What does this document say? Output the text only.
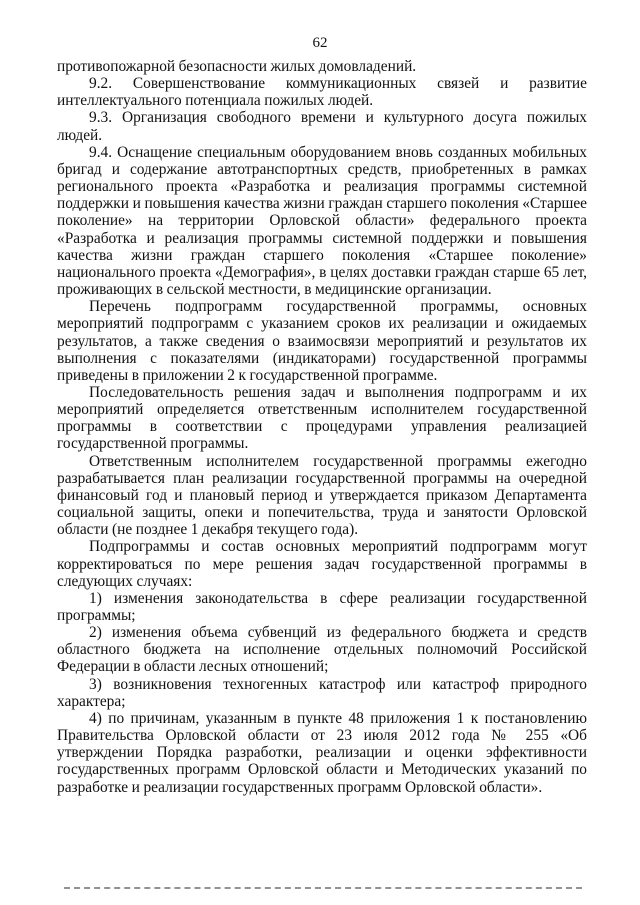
62

противопожарной безопасности жилых домовладений.

9.2. Совершенствование коммуникационных связей и развитие интеллектуального потенциала пожилых людей.

9.3. Организация свободного времени и культурного досуга пожилых людей.

9.4. Оснащение специальным оборудованием вновь созданных мобильных бригад и содержание автотранспортных средств, приобретенных в рамках регионального проекта «Разработка и реализация программы системной поддержки и повышения качества жизни граждан старшего поколения «Старшее поколение» на территории Орловской области» федерального проекта «Разработка и реализация программы системной поддержки и повышения качества жизни граждан старшего поколения «Старшее поколение» национального проекта «Демография», в целях доставки граждан старше 65 лет, проживающих в сельской местности, в медицинские организации.

Перечень подпрограмм государственной программы, основных мероприятий подпрограмм с указанием сроков их реализации и ожидаемых результатов, а также сведения о взаимосвязи мероприятий и результатов их выполнения с показателями (индикаторами) государственной программы приведены в приложении 2 к государственной программе.

Последовательность решения задач и выполнения подпрограмм и их мероприятий определяется ответственным исполнителем государственной программы в соответствии с процедурами управления реализацией государственной программы.

Ответственным исполнителем государственной программы ежегодно разрабатывается план реализации государственной программы на очередной финансовый год и плановый период и утверждается приказом Департамента социальной защиты, опеки и попечительства, труда и занятости Орловской области (не позднее 1 декабря текущего года).

Подпрограммы и состав основных мероприятий подпрограмм могут корректироваться по мере решения задач государственной программы в следующих случаях:

1) изменения законодательства в сфере реализации государственной программы;

2) изменения объема субвенций из федерального бюджета и средств областного бюджета на исполнение отдельных полномочий Российской Федерации в области лесных отношений;

3) возникновения техногенных катастроф или катастроф природного характера;

4) по причинам, указанным в пункте 48 приложения 1 к постановлению Правительства Орловской области от 23 июля 2012 года № 255 «Об утверждении Порядка разработки, реализации и оценки эффективности государственных программ Орловской области и Методических указаний по разработке и реализации государственных программ Орловской области».
